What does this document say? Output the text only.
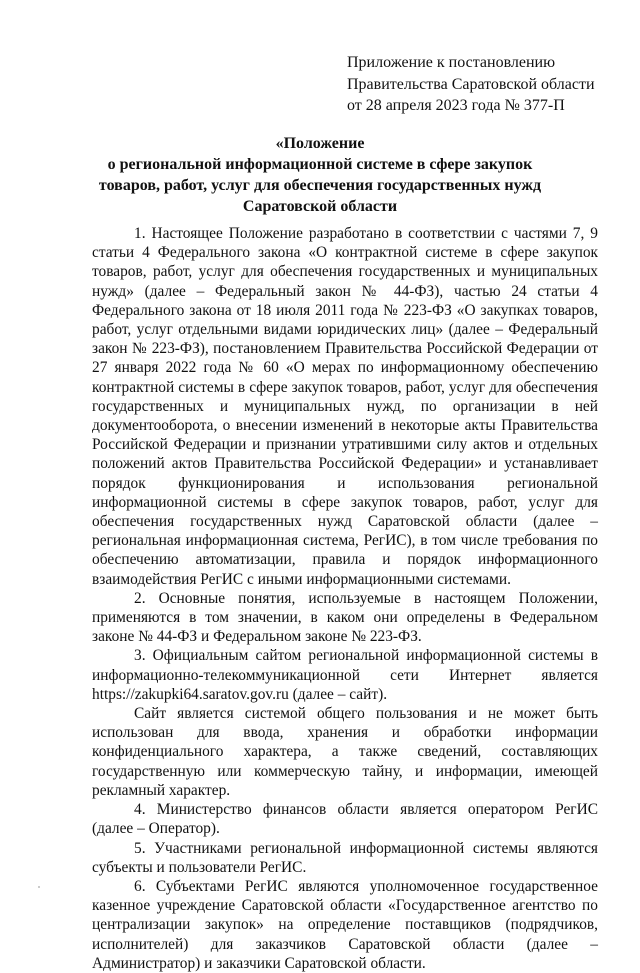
Приложение к постановлению
Правительства Саратовской области
от 28 апреля 2023 года № 377-П
«Положение
о региональной информационной системе в сфере закупок
товаров, работ, услуг для обеспечения государственных нужд
Саратовской области

1. Настоящее Положение разработано в соответствии с частями 7, 9 статьи 4 Федерального закона «О контрактной системе в сфере закупок товаров, работ, услуг для обеспечения государственных и муниципальных нужд» (далее – Федеральный закон № 44-ФЗ), частью 24 статьи 4 Федерального закона от 18 июля 2011 года № 223-ФЗ «О закупках товаров, работ, услуг отдельными видами юридических лиц» (далее – Федеральный закон № 223-ФЗ), постановлением Правительства Российской Федерации от 27 января 2022 года № 60 «О мерах по информационному обеспечению контрактной системы в сфере закупок товаров, работ, услуг для обеспечения государственных и муниципальных нужд, по организации в ней документооборота, о внесении изменений в некоторые акты Правительства Российской Федерации и признании утратившими силу актов и отдельных положений актов Правительства Российской Федерации» и устанавливает порядок функционирования и использования региональной информационной системы в сфере закупок товаров, работ, услуг для обеспечения государственных нужд Саратовской области (далее – региональная информационная система, РегИС), в том числе требования по обеспечению автоматизации, правила и порядок информационного взаимодействия РегИС с иными информационными системами.

2. Основные понятия, используемые в настоящем Положении, применяются в том значении, в каком они определены в Федеральном законе № 44-ФЗ и Федеральном законе № 223-ФЗ.

3. Официальным сайтом региональной информационной системы в информационно-телекоммуникационной сети Интернет является https://zakupki64.saratov.gov.ru (далее – сайт).

Сайт является системой общего пользования и не может быть использован для ввода, хранения и обработки информации конфиденциального характера, а также сведений, составляющих государственную или коммерческую тайну, и информации, имеющей рекламный характер.

4. Министерство финансов области является оператором РегИС (далее – Оператор).

5. Участниками региональной информационной системы являются субъекты и пользователи РегИС.

6. Субъектами РегИС являются уполномоченное государственное казенное учреждение Саратовской области «Государственное агентство по централизации закупок» на определение поставщиков (подрядчиков, исполнителей) для заказчиков Саратовской области (далее – Администратор) и заказчики Саратовской области.
